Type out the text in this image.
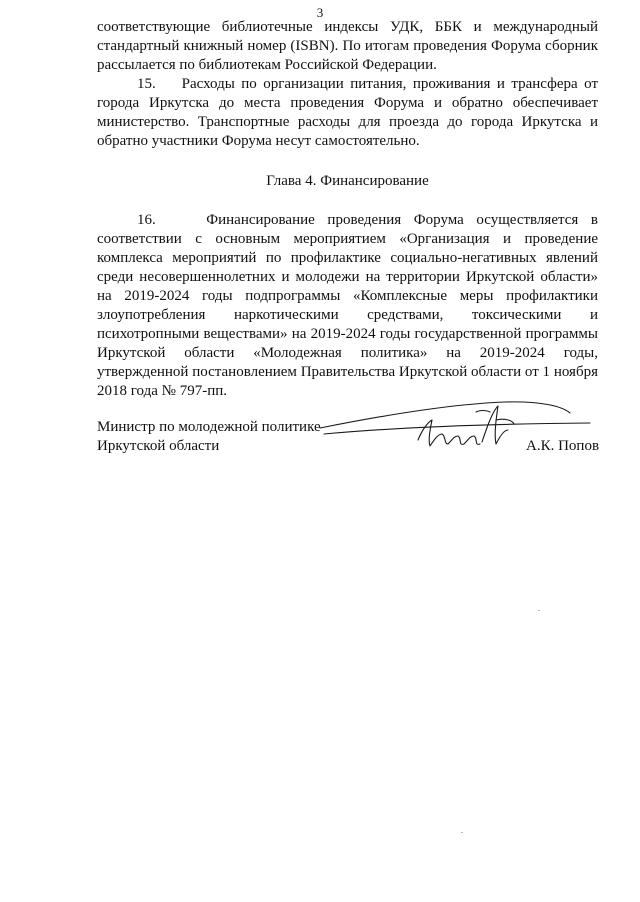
3

соответствующие библиотечные индексы УДК, ББК и международный стандартный книжный номер (ISBN). По итогам проведения Форума сборник рассылается по библиотекам Российской Федерации.

15.    Расходы по организации питания, проживания и трансфера от города Иркутска до места проведения Форума и обратно обеспечивает министерство. Транспортные расходы для проезда до города Иркутска и обратно участники Форума несут самостоятельно.

Глава 4. Финансирование

16.    Финансирование проведения Форума осуществляется в соответствии с основным мероприятием «Организация и проведение комплекса мероприятий по профилактике социально-негативных явлений среди несовершеннолетних и молодежи на территории Иркутской области» на 2019-2024 годы подпрограммы «Комплексные меры профилактики злоупотребления наркотическими средствами, токсическими и психотропными веществами» на 2019-2024 годы государственной программы Иркутской области «Молодежная политика» на 2019-2024 годы, утвержденной постановлением Правительства Иркутской области от 1 ноября 2018 года № 797-пп.

Министр по молодежной политике
Иркутской области	А.К. Попов
